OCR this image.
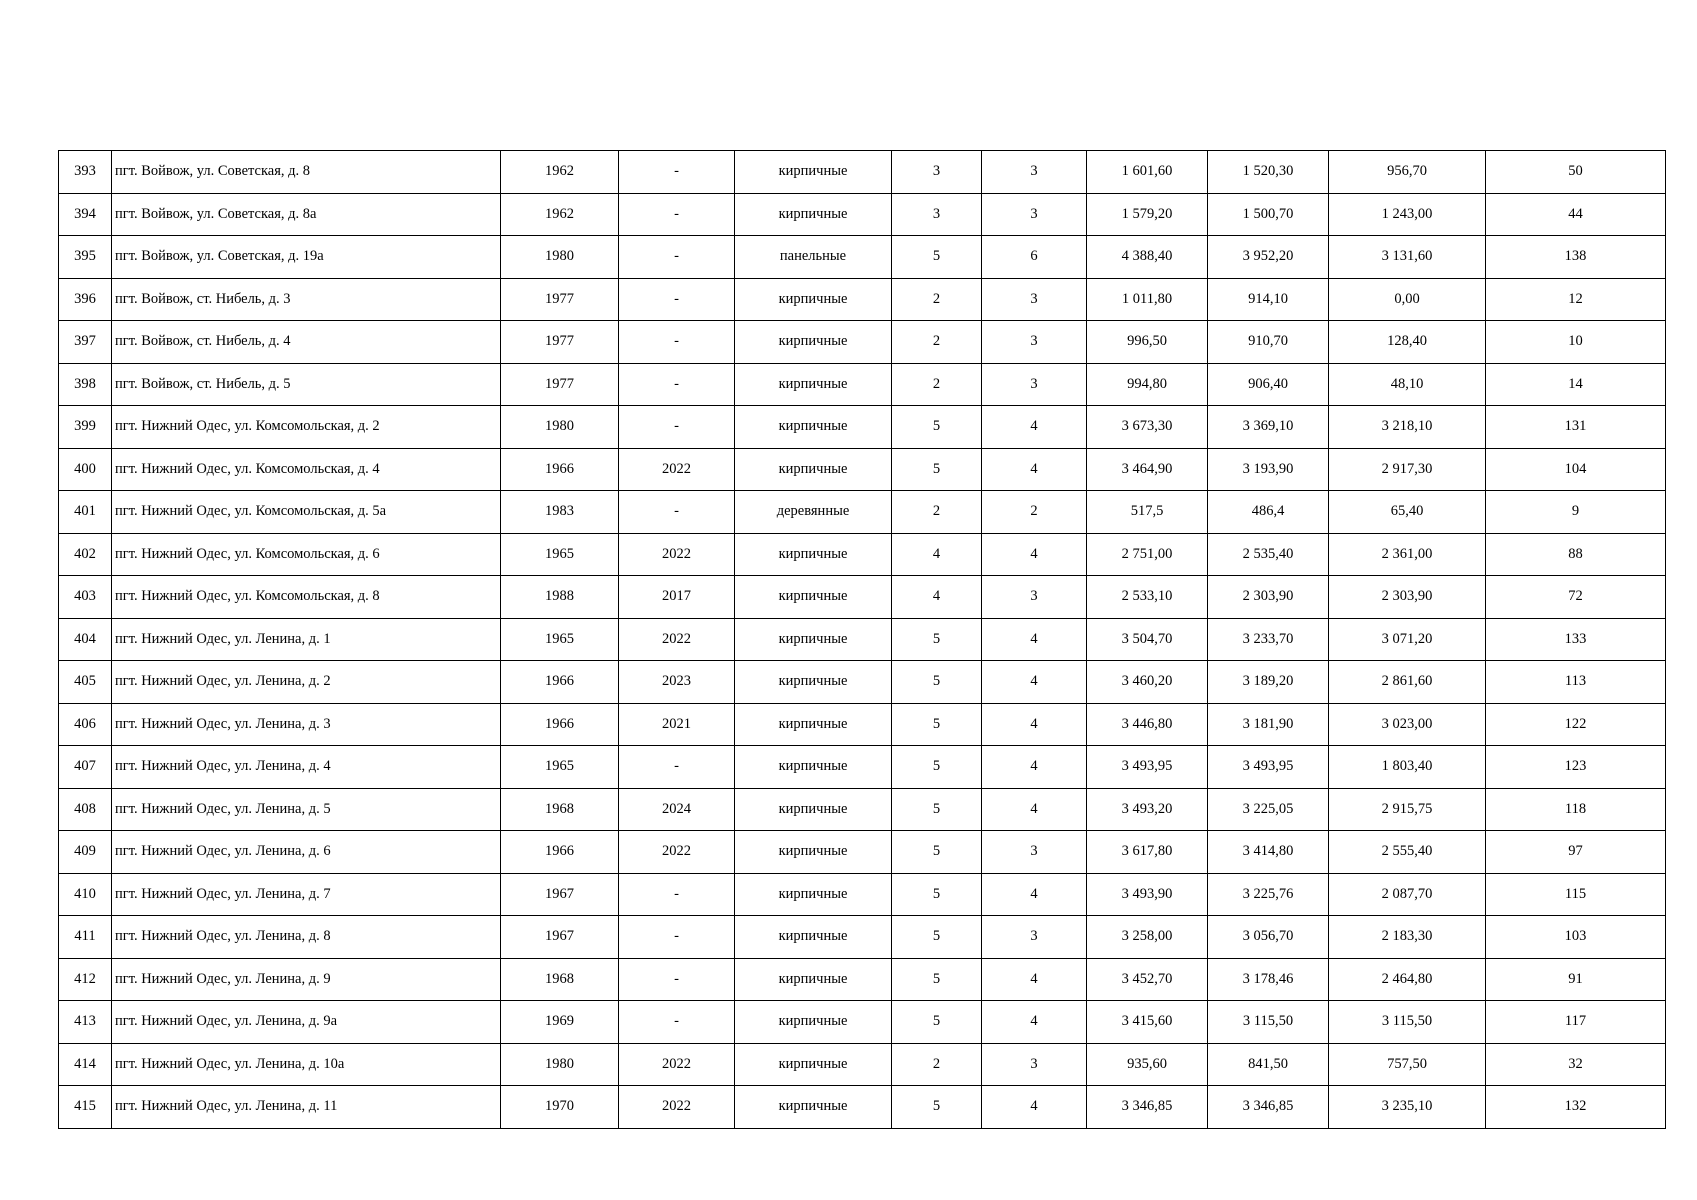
393	пгт. Войвож, ул. Советская, д. 8	1962	-	кирпичные	3	3	1 601,60	1 520,30	956,70	50
394	пгт. Войвож, ул. Советская, д. 8а	1962	-	кирпичные	3	3	1 579,20	1 500,70	1 243,00	44
395	пгт. Войвож, ул. Советская, д. 19а	1980	-	панельные	5	6	4 388,40	3 952,20	3 131,60	138
396	пгт. Войвож, ст. Нибель, д. 3	1977	-	кирпичные	2	3	1 011,80	914,10	0,00	12
397	пгт. Войвож, ст. Нибель, д. 4	1977	-	кирпичные	2	3	996,50	910,70	128,40	10
398	пгт. Войвож, ст. Нибель, д. 5	1977	-	кирпичные	2	3	994,80	906,40	48,10	14
399	пгт. Нижний Одес, ул. Комсомольская, д. 2	1980	-	кирпичные	5	4	3 673,30	3 369,10	3 218,10	131
400	пгт. Нижний Одес, ул. Комсомольская, д. 4	1966	2022	кирпичные	5	4	3 464,90	3 193,90	2 917,30	104
401	пгт. Нижний Одес, ул. Комсомольская, д. 5а	1983	-	деревянные	2	2	517,5	486,4	65,40	9
402	пгт. Нижний Одес, ул. Комсомольская, д. 6	1965	2022	кирпичные	4	4	2 751,00	2 535,40	2 361,00	88
403	пгт. Нижний Одес, ул. Комсомольская, д. 8	1988	2017	кирпичные	4	3	2 533,10	2 303,90	2 303,90	72
404	пгт. Нижний Одес, ул. Ленина, д. 1	1965	2022	кирпичные	5	4	3 504,70	3 233,70	3 071,20	133
405	пгт. Нижний Одес, ул. Ленина, д. 2	1966	2023	кирпичные	5	4	3 460,20	3 189,20	2 861,60	113
406	пгт. Нижний Одес, ул. Ленина, д. 3	1966	2021	кирпичные	5	4	3 446,80	3 181,90	3 023,00	122
407	пгт. Нижний Одес, ул. Ленина, д. 4	1965	-	кирпичные	5	4	3 493,95	3 493,95	1 803,40	123
408	пгт. Нижний Одес, ул. Ленина, д. 5	1968	2024	кирпичные	5	4	3 493,20	3 225,05	2 915,75	118
409	пгт. Нижний Одес, ул. Ленина, д. 6	1966	2022	кирпичные	5	3	3 617,80	3 414,80	2 555,40	97
410	пгт. Нижний Одес, ул. Ленина, д. 7	1967	-	кирпичные	5	4	3 493,90	3 225,76	2 087,70	115
411	пгт. Нижний Одес, ул. Ленина, д. 8	1967	-	кирпичные	5	3	3 258,00	3 056,70	2 183,30	103
412	пгт. Нижний Одес, ул. Ленина, д. 9	1968	-	кирпичные	5	4	3 452,70	3 178,46	2 464,80	91
413	пгт. Нижний Одес, ул. Ленина, д. 9а	1969	-	кирпичные	5	4	3 415,60	3 115,50	3 115,50	117
414	пгт. Нижний Одес, ул. Ленина, д. 10а	1980	2022	кирпичные	2	3	935,60	841,50	757,50	32
415	пгт. Нижний Одес, ул. Ленина, д. 11	1970	2022	кирпичные	5	4	3 346,85	3 346,85	3 235,10	132
